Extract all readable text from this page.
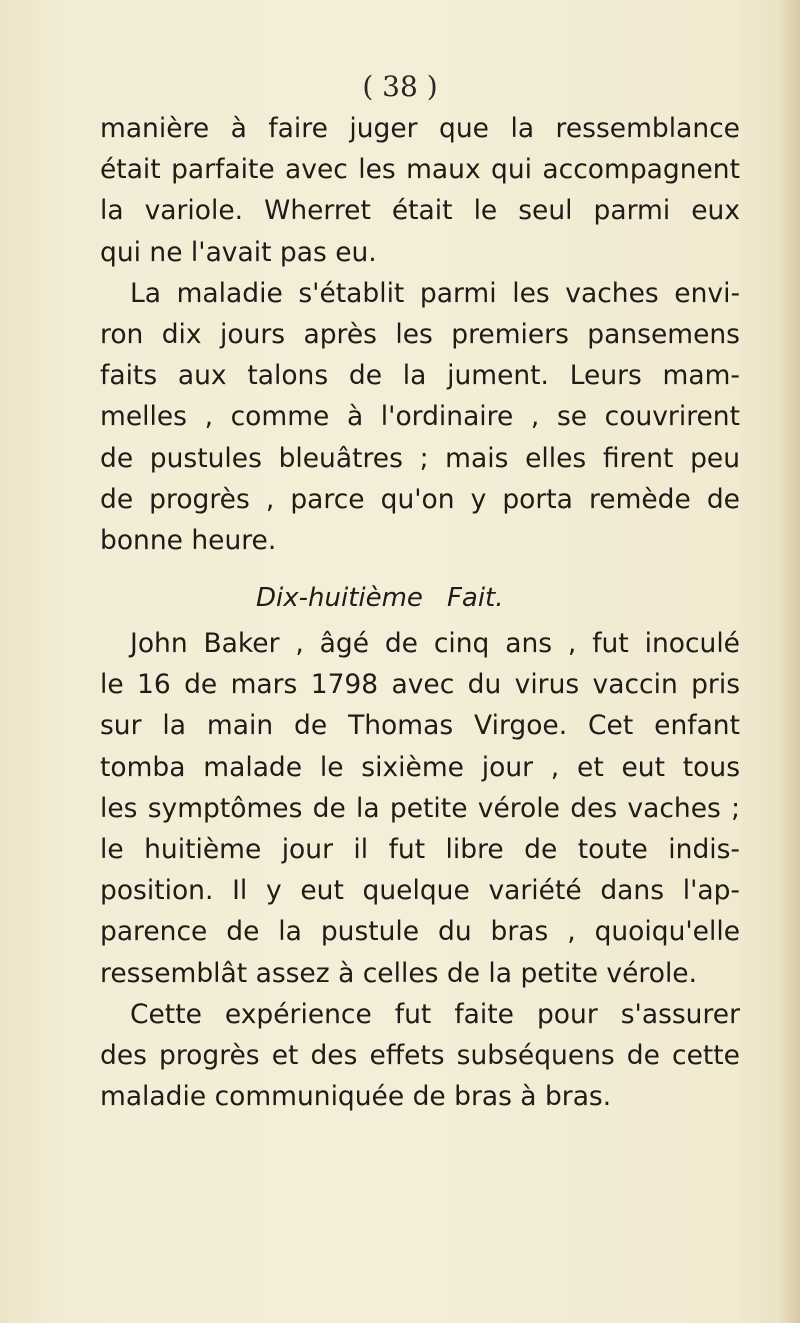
( 38 )

manière à faire juger que la ressemblance
était parfaite avec les maux qui accompagnent
la variole. Wherret était le seul parmi eux
qui ne l'avait pas eu.
La maladie s'établit parmi les vaches envi-
ron dix jours après les premiers pansemens
faits aux talons de la jument. Leurs mam-
melles , comme à l'ordinaire , se couvrirent
de pustules bleuâtres ; mais elles firent peu
de progrès , parce qu'on y porta remède de
bonne heure.
Dix-huitième Fait.
John Baker , âgé de cinq ans , fut inoculé
le 16 de mars 1798 avec du virus vaccin pris
sur la main de Thomas Virgoe. Cet enfant
tomba malade le sixième jour , et eut tous
les symptômes de la petite vérole des vaches ;
le huitième jour il fut libre de toute indis-
position. Il y eut quelque variété dans l'ap-
parence de la pustule du bras , quoiqu'elle
ressemblât assez à celles de la petite vérole.
Cette expérience fut faite pour s'assurer
des progrès et des effets subséquens de cette
maladie communiquée de bras à bras.
